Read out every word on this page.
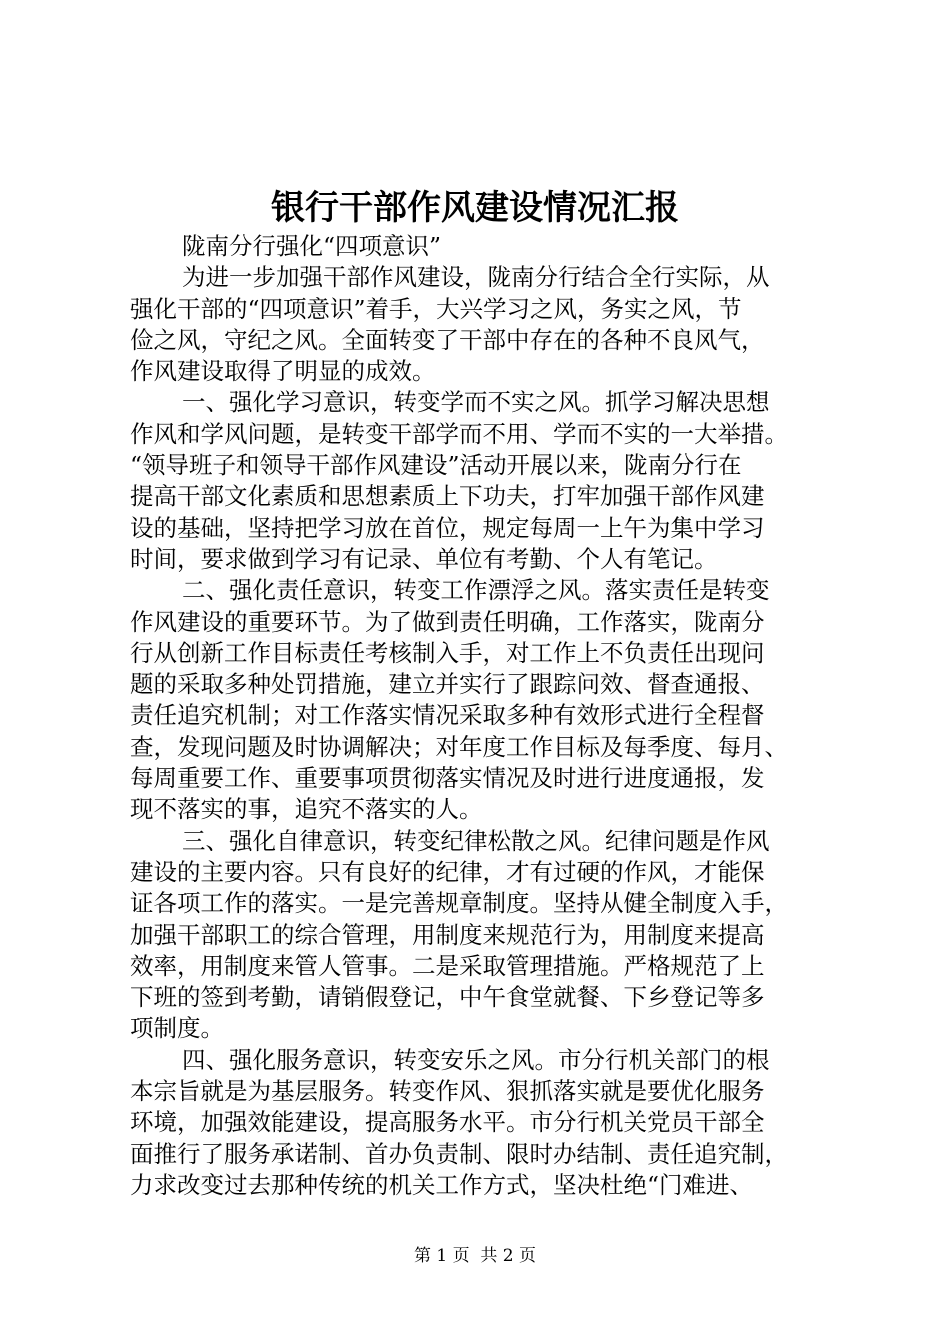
银行干部作风建设情况汇报
陇南分行强化“四项意识”
为进一步加强干部作风建设，陇南分行结合全行实际，从
强化干部的“四项意识”着手，大兴学习之风，务实之风，节
俭之风，守纪之风。全面转变了干部中存在的各种不良风气，
作风建设取得了明显的成效。
一、强化学习意识，转变学而不实之风。抓学习解决思想
作风和学风问题，是转变干部学而不用、学而不实的一大举措。
“领导班子和领导干部作风建设”活动开展以来，陇南分行在
提高干部文化素质和思想素质上下功夫，打牢加强干部作风建
设的基础，坚持把学习放在首位，规定每周一上午为集中学习
时间，要求做到学习有记录、单位有考勤、个人有笔记。
二、强化责任意识，转变工作漂浮之风。落实责任是转变
作风建设的重要环节。为了做到责任明确，工作落实，陇南分
行从创新工作目标责任考核制入手，对工作上不负责任出现问
题的采取多种处罚措施，建立并实行了跟踪问效、督查通报、
责任追究机制；对工作落实情况采取多种有效形式进行全程督
查，发现问题及时协调解决；对年度工作目标及每季度、每月、
每周重要工作、重要事项贯彻落实情况及时进行进度通报，发
现不落实的事，追究不落实的人。
三、强化自律意识，转变纪律松散之风。纪律问题是作风
建设的主要内容。只有良好的纪律，才有过硬的作风，才能保
证各项工作的落实。一是完善规章制度。坚持从健全制度入手，
加强干部职工的综合管理，用制度来规范行为，用制度来提高
效率，用制度来管人管事。二是采取管理措施。严格规范了上
下班的签到考勤，请销假登记，中午食堂就餐、下乡登记等多
项制度。
四、强化服务意识，转变安乐之风。市分行机关部门的根
本宗旨就是为基层服务。转变作风、狠抓落实就是要优化服务
环境，加强效能建设，提高服务水平。市分行机关党员干部全
面推行了服务承诺制、首办负责制、限时办结制、责任追究制，
力求改变过去那种传统的机关工作方式，坚决杜绝“门难进、
第 1 页  共 2 页
